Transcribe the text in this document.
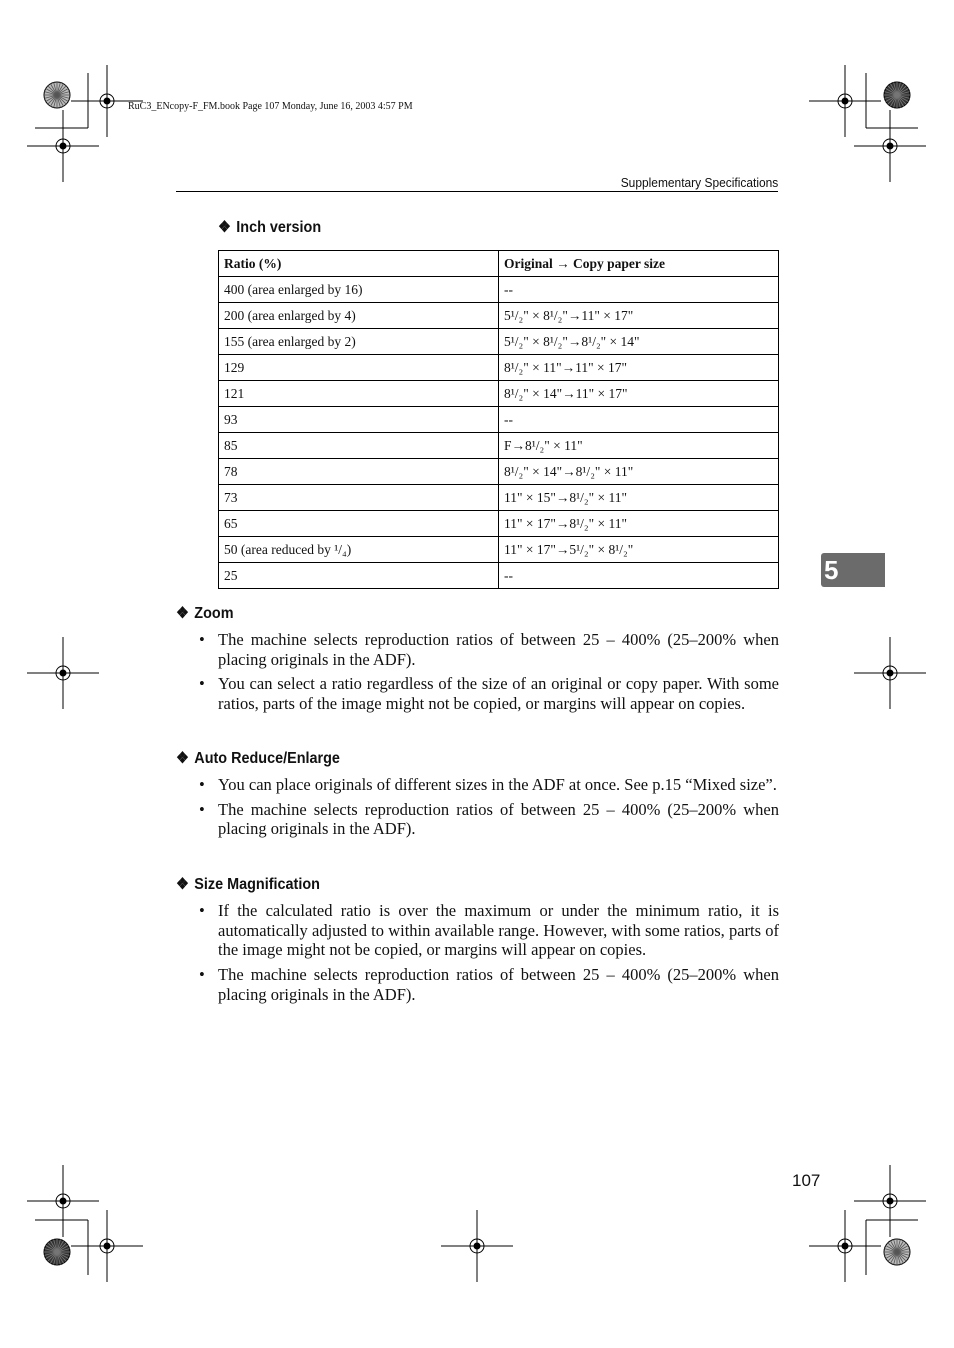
RuC3_ENcopy-F_FM.book Page 107 Monday, June 16, 2003 4:57 PM
Supplementary Specifications
❖ Inch version
Ratio (%)	Original → Copy paper size
400 (area enlarged by 16)	--
200 (area enlarged by 4)	5¹/₂" × 8¹/₂"→11" × 17"
155 (area enlarged by 2)	5¹/₂" × 8¹/₂"→8¹/₂" × 14"
129	8¹/₂" × 11"→11" × 17"
121	8¹/₂" × 14"→11" × 17"
93	--
85	F→8¹/₂" × 11"
78	8¹/₂" × 14"→8¹/₂" × 11"
73	11" × 15"→8¹/₂" × 11"
65	11" × 17"→8¹/₂" × 11"
50 (area reduced by ¹/₄)	11" × 17"→5¹/₂" × 8¹/₂"
25	--
❖ Zoom
• The machine selects reproduction ratios of between 25 – 400% (25–200% when placing originals in the ADF).
• You can select a ratio regardless of the size of an original or copy paper. With some ratios, parts of the image might not be copied, or margins will appear on copies.
❖ Auto Reduce/Enlarge
• You can place originals of different sizes in the ADF at once. See p.15 “Mixed size”.
• The machine selects reproduction ratios of between 25 – 400% (25–200% when placing originals in the ADF).
❖ Size Magnification
• If the calculated ratio is over the maximum or under the minimum ratio, it is automatically adjusted to within available range. However, with some ratios, parts of the image might not be copied, or margins will appear on copies.
• The machine selects reproduction ratios of between 25 – 400% (25–200% when placing originals in the ADF).
5
107
